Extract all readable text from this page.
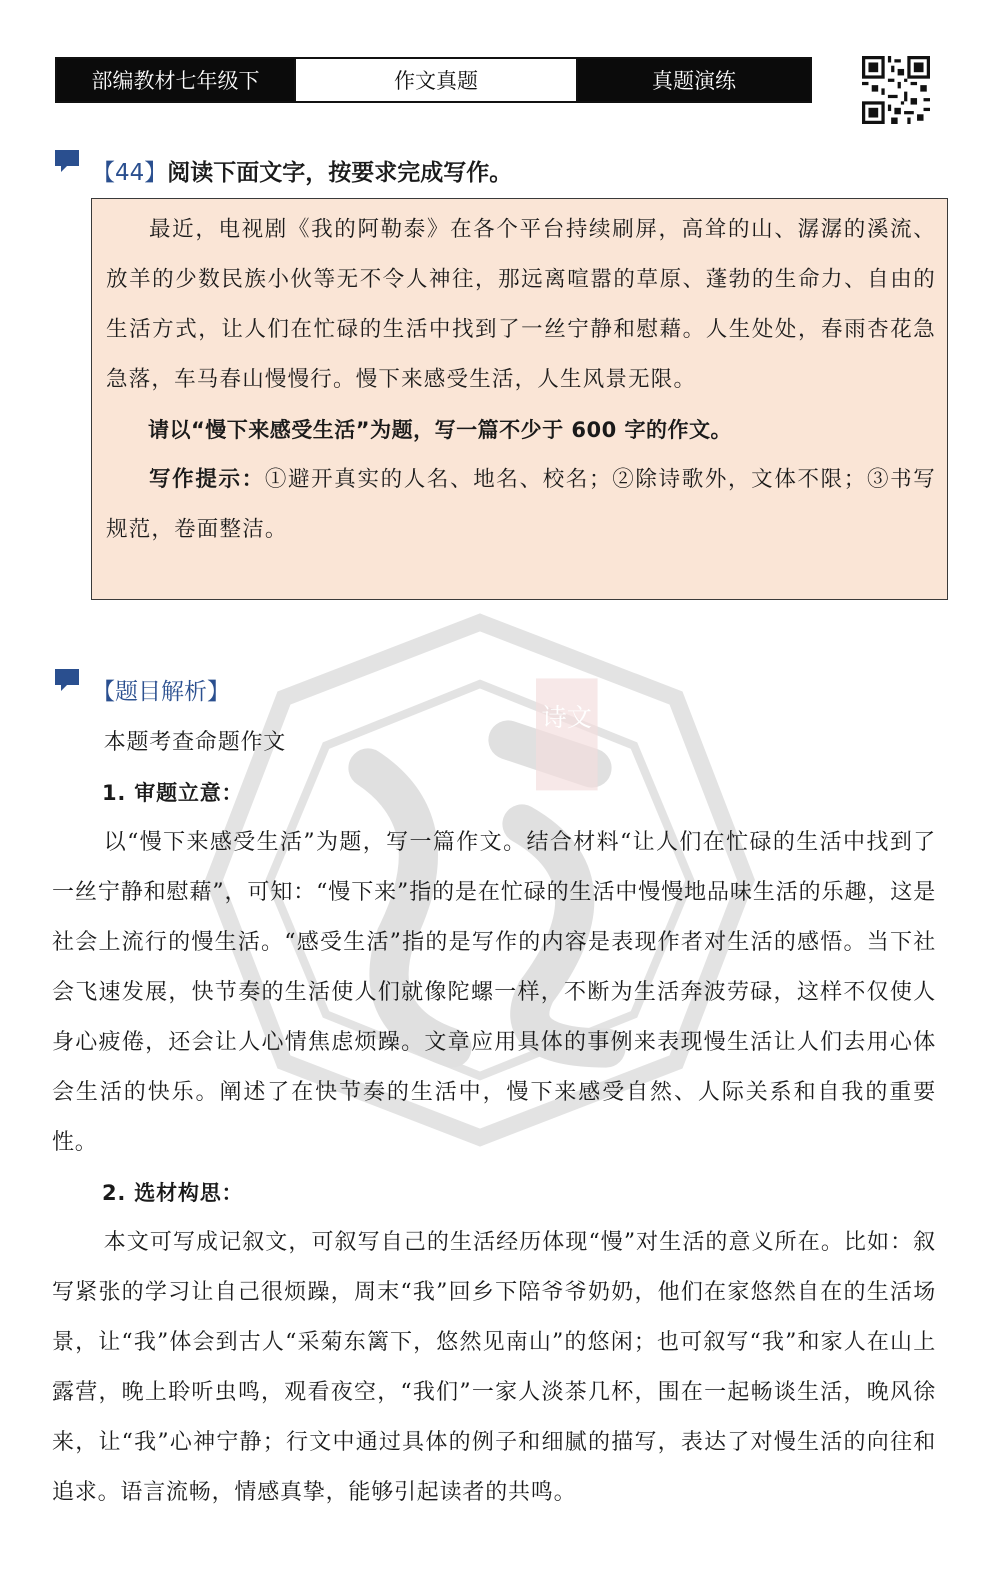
部编教材七年级下	作文真题	真题演练
诗文
【44】阅读下面文字，按要求完成写作。

最近，电视剧《我的阿勒泰》在各个平台持续刷屏，高耸的山、潺潺的溪流、放羊的少数民族小伙等无不令人神往，那远离喧嚣的草原、蓬勃的生命力、自由的生活方式，让人们在忙碌的生活中找到了一丝宁静和慰藉。人生处处，春雨杏花急急落，车马春山慢慢行。慢下来感受生活，人生风景无限。

请以“慢下来感受生活”为题，写一篇不少于 600 字的作文。

写作提示：①避开真实的人名、地名、校名；②除诗歌外，文体不限；③书写规范，卷面整洁。

【题目解析】

本题考查命题作文

1. 审题立意：

以“慢下来感受生活”为题，写一篇作文。结合材料“让人们在忙碌的生活中找到了一丝宁静和慰藉”，可知：“慢下来”指的是在忙碌的生活中慢慢地品味生活的乐趣，这是社会上流行的慢生活。“感受生活”指的是写作的内容是表现作者对生活的感悟。当下社会飞速发展，快节奏的生活使人们就像陀螺一样，不断为生活奔波劳碌，这样不仅使人身心疲倦，还会让人心情焦虑烦躁。文章应用具体的事例来表现慢生活让人们去用心体会生活的快乐。阐述了在快节奏的生活中，慢下来感受自然、人际关系和自我的重要性。

2. 选材构思：

本文可写成记叙文，可叙写自己的生活经历体现“慢”对生活的意义所在。比如：叙写紧张的学习让自己很烦躁，周末“我”回乡下陪爷爷奶奶，他们在家悠然自在的生活场景，让“我”体会到古人“采菊东篱下，悠然见南山”的悠闲；也可叙写“我”和家人在山上露营，晚上聆听虫鸣，观看夜空，“我们”一家人淡茶几杯，围在一起畅谈生活，晚风徐来，让“我”心神宁静；行文中通过具体的例子和细腻的描写，表达了对慢生活的向往和追求。语言流畅，情感真挚，能够引起读者的共鸣。
